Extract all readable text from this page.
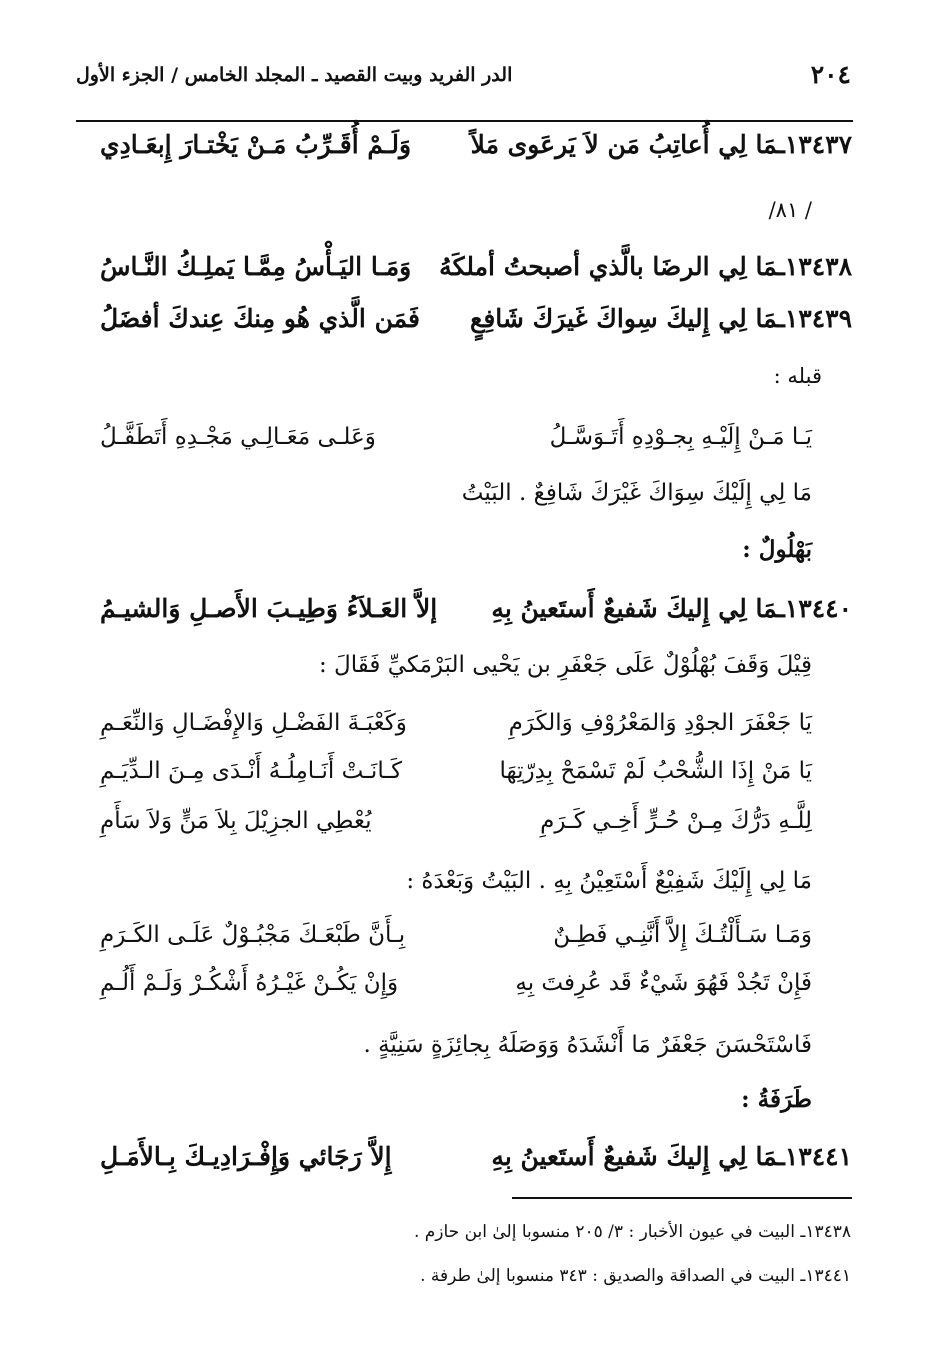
٢٠٤
الدر الفريد وبيت القصيد ـ المجلد الخامس / الجزء الأول
١٣٤٣٧ـمَا لِي أُعاتِبُ مَن لاَ يَرعَوى مَلاً
وَلَـمْ أُقَـرِّبُ مَـنْ يَخْتـارَ إِبعَـادِي
/ ٨١/
١٣٤٣٨ـمَا لِي الرضَا بالَّذي أصبحتُ أملكَهُ
وَمَـا اليَـأْسُ مِمَّـا يَملِـكُ النَّـاسُ
١٣٤٣٩ـمَا لِي إِليكَ سِواكَ غَيرَكَ شَافِعٍ
فَمَن الَّذي هُو مِنكَ عِندكَ أفضَلُ
قبله :
يَـا مَـنْ إِلَيْـهِ بِجـوْدِهِ أَتَـوَسَّـلُ
وَعَلـى مَعَـالِـي مَجْـدِهِ أَتَطَفَّـلُ
مَا لِي إِلَيْكَ سِوَاكَ غَيْرَكَ شَافِعٌ . البَيْتُ
بَهْلُولٌ :
١٣٤٤٠ـمَا لِي إِليكَ شَفيعٌ أَستَعينُ بِهِ
إلاَّ العَـلاَءُ وَطِيـبَ الأَصـلِ وَالشيـمُ
قِيْلَ وَقَفَ بُهْلُوْلٌ عَلَى جَعْفَرِ بن يَحْيى البَرْمَكيِّ فَقَالَ :
يَا جَعْفَرَ الجوْدِ وَالمَعْرُوْفِ وَالكَرَمِ
وَكَعْبَـةَ الفَضْـلِ وَالإِفْضَـالِ وَالنِّعَـمِ
يَا مَنْ إِذَا الشُّحْبُ لَمْ تَسْمَحْ بِدِرّتِهَا
كَـانَـتْ أَنَـامِلُـهُ أَنْـدَى مِـنَ الـدِّيَـمِ
لِلَّـهِ دَرُّكَ مِـنْ حُـرٍّ أَخِـي كَـرَمِ
يُعْطِي الجزِيْلَ بِلاَ مَنٍّ وَلاَ سَأَمِ
مَا لِي إِلَيْكَ شَفِيْعٌ أَسْتَعِيْنُ بِهِ . البَيْتُ وَبَعْدَهُ :
وَمَـا سَـأَلْتُـكَ إِلاَّ أَنَّنِـي فَطِـنٌ
بِـأَنَّ طَبْعَـكَ مَجْبُـوْلٌ عَلَـى الكَـرَمِ
فَإِنْ تَجُدْ فَهُوَ شَيْءٌ قَد عُرِفتَ بِهِ
وَإِنْ يَكُـنْ غَيْـرُهُ أَشْكُـرْ وَلَـمْ أَلُـمِ
فَاسْتَحْسَنَ جَعْفَرٌ مَا أَنْشَدَهُ وَوَصَلَهُ بِجائِزَةٍ سَنِيَّةٍ .
طَرَفَةُ :
١٣٤٤١ـمَا لِي إِليكَ شَفيعٌ أَستَعينُ بِهِ
إِلاَّ رَجَائي وَإِفْـرَادِيـكَ بِـالأَمَـلِ
١٣٤٣٨ـ البيت في عيون الأخبار : ٣/ ٢٠٥ منسوبا إلىٰ ابن حازم .
١٣٤٤١ـ البيت في الصداقة والصديق : ٣٤٣ منسوبا إلىٰ طرفة .
